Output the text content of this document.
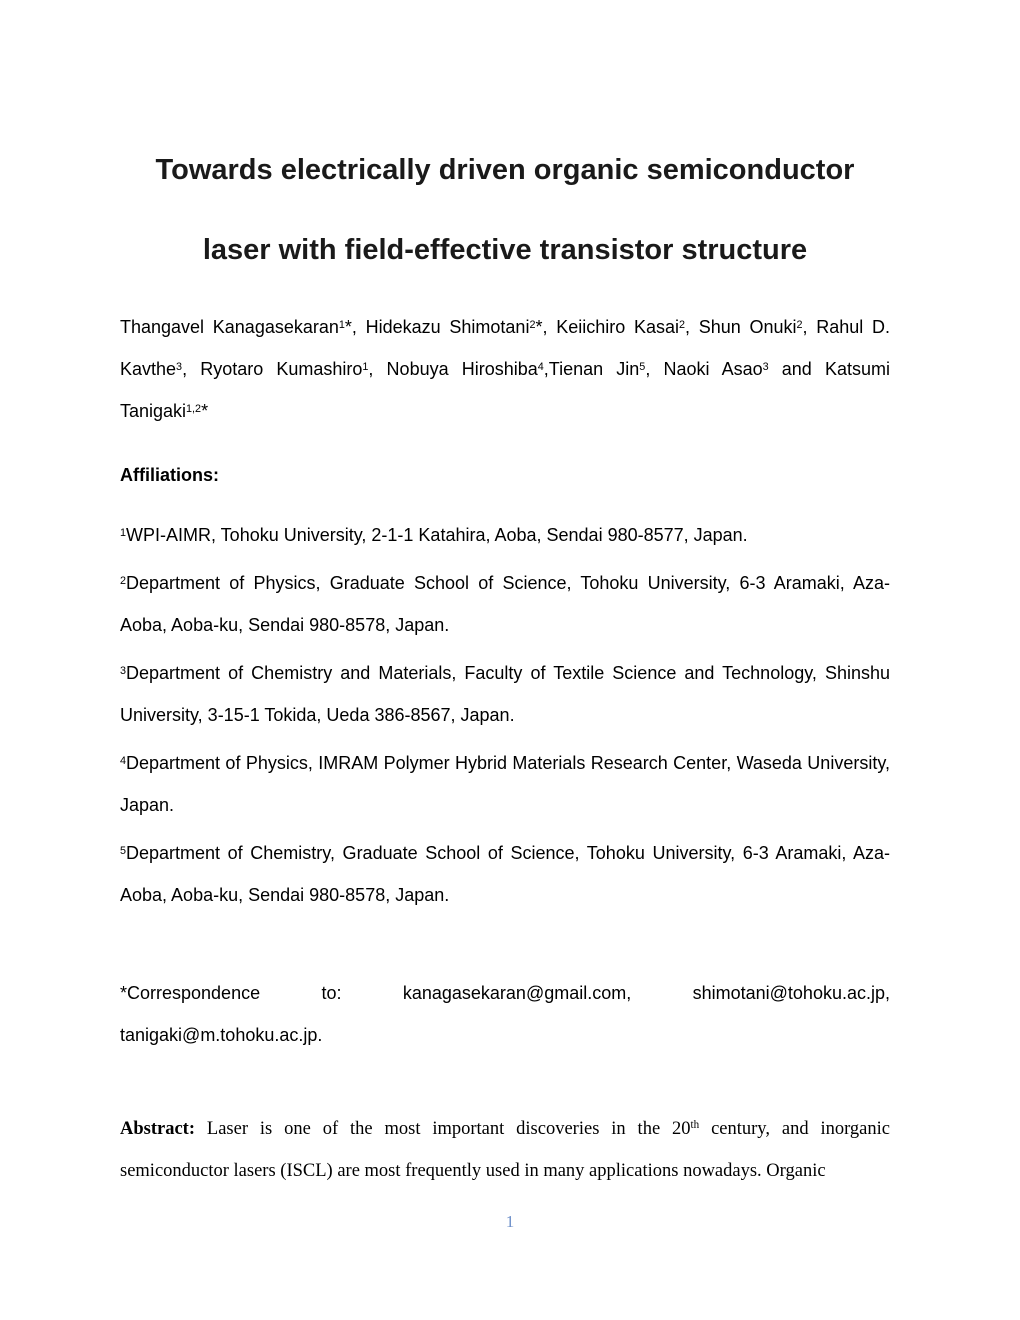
Towards electrically driven organic semiconductor
laser with field-effective transistor structure

Thangavel Kanagasekaran$^1$*, Hidekazu Shimotani$^2$*, Keiichiro Kasai$^2$, Shun Onuki$^2$, Rahul D. Kavthe$^3$, Ryotaro Kumashiro$^1$, Nobuya Hiroshiba$^4$,Tienan Jin$^5$, Naoki Asao$^3$ and Katsumi Tanigaki$^{1,2}$*

Affiliations:

$^1$WPI-AIMR, Tohoku University, 2-1-1 Katahira, Aoba, Sendai 980-8577, Japan.

$^2$Department of Physics, Graduate School of Science, Tohoku University, 6-3 Aramaki, Aza-Aoba, Aoba-ku, Sendai 980-8578, Japan.

$^3$Department of Chemistry and Materials, Faculty of Textile Science and Technology, Shinshu University, 3-15-1 Tokida, Ueda 386-8567, Japan.

$^4$Department of Physics, IMRAM Polymer Hybrid Materials Research Center, Waseda University, Japan.

$^5$Department of Chemistry, Graduate School of Science, Tohoku University, 6-3 Aramaki, Aza-Aoba, Aoba-ku, Sendai 980-8578, Japan.

*Correspondence to: kanagasekaran@gmail.com, shimotani@tohoku.ac.jp, tanigaki@m.tohoku.ac.jp.

Abstract: Laser is one of the most important discoveries in the 20th century, and inorganic semiconductor lasers (ISCL) are most frequently used in many applications nowadays. Organic

1
